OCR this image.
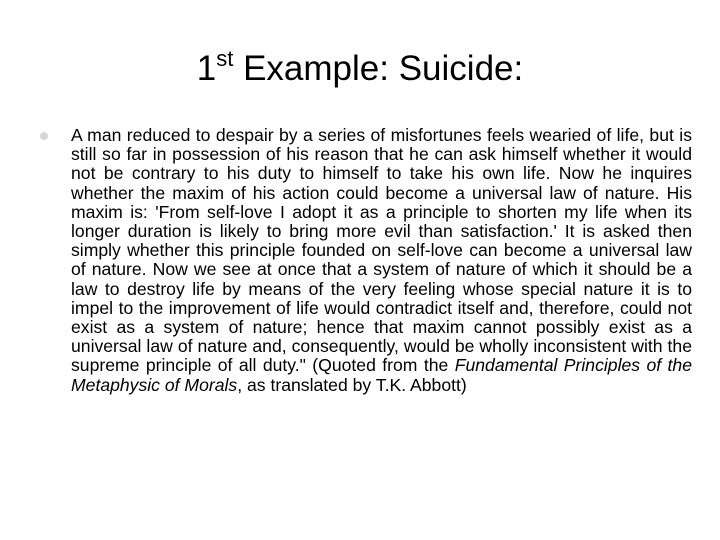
1st Example: Suicide:
A man reduced to despair by a series of misfortunes feels wearied of life, but is still so far in possession of his reason that he can ask himself whether it would not be contrary to his duty to himself to take his own life. Now he inquires whether the maxim of his action could become a universal law of nature. His maxim is: 'From self-love I adopt it as a principle to shorten my life when its longer duration is likely to bring more evil than satisfaction.' It is asked then simply whether this principle founded on self-love can become a universal law of nature. Now we see at once that a system of nature of which it should be a law to destroy life by means of the very feeling whose special nature it is to impel to the improvement of life would contradict itself and, therefore, could not exist as a system of nature; hence that maxim cannot possibly exist as a universal law of nature and, consequently, would be wholly inconsistent with the supreme principle of all duty." (Quoted from the Fundamental Principles of the Metaphysic of Morals, as translated by T.K. Abbott)
